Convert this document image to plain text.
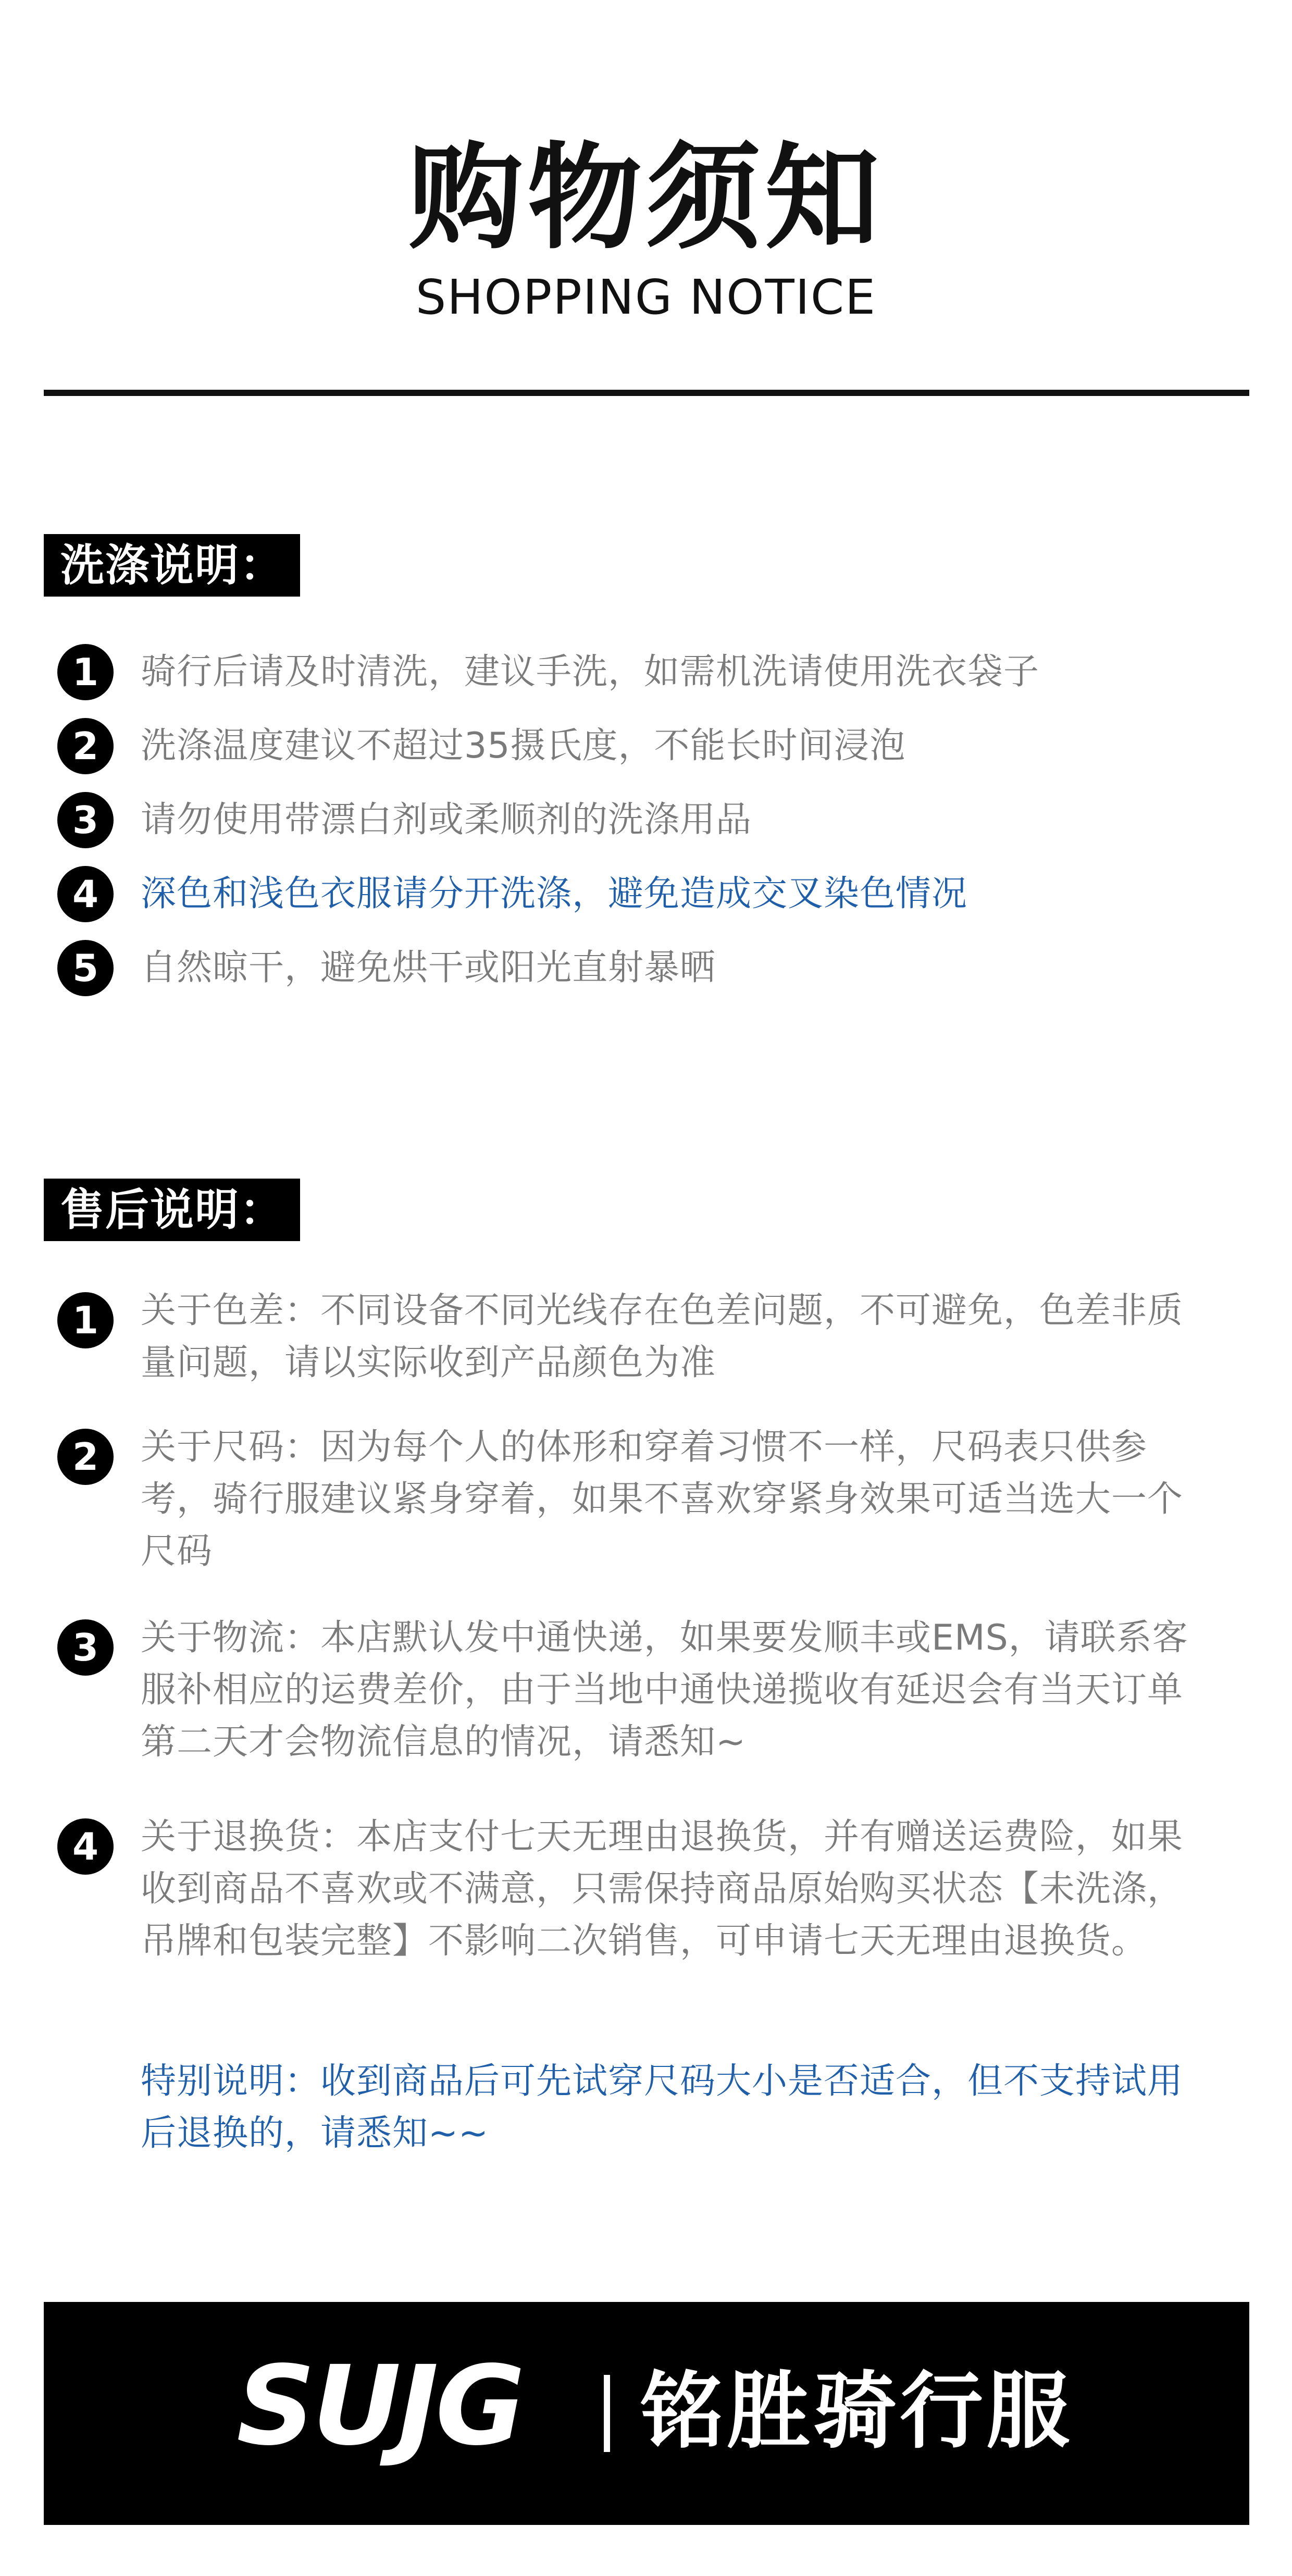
购物须知
SHOPPING NOTICE
洗涤说明：
1	骑行后请及时清洗，建议手洗，如需机洗请使用洗衣袋子
2	洗涤温度建议不超过35摄氏度，不能长时间浸泡
3	请勿使用带漂白剂或柔顺剂的洗涤用品
4	深色和浅色衣服请分开洗涤，避免造成交叉染色情况
5	自然晾干，避免烘干或阳光直射暴晒
售后说明：
1	关于色差：不同设备不同光线存在色差问题，不可避免，色差非质量问题，请以实际收到产品颜色为准
2	关于尺码：因为每个人的体形和穿着习惯不一样，尺码表只供参考，骑行服建议紧身穿着，如果不喜欢穿紧身效果可适当选大一个尺码
3	关于物流：本店默认发中通快递，如果要发顺丰或EMS，请联系客服补相应的运费差价，由于当地中通快递揽收有延迟会有当天订单第二天才会物流信息的情况，请悉知~
4	关于退换货：本店支付七天无理由退换货，并有赠送运费险，如果收到商品不喜欢或不满意，只需保持商品原始购买状态【未洗涤，吊牌和包装完整】不影响二次销售，可申请七天无理由退换货。
特别说明：收到商品后可先试穿尺码大小是否适合，但不支持试用后退换的，请悉知~~
SUJG 铭胜骑行服
